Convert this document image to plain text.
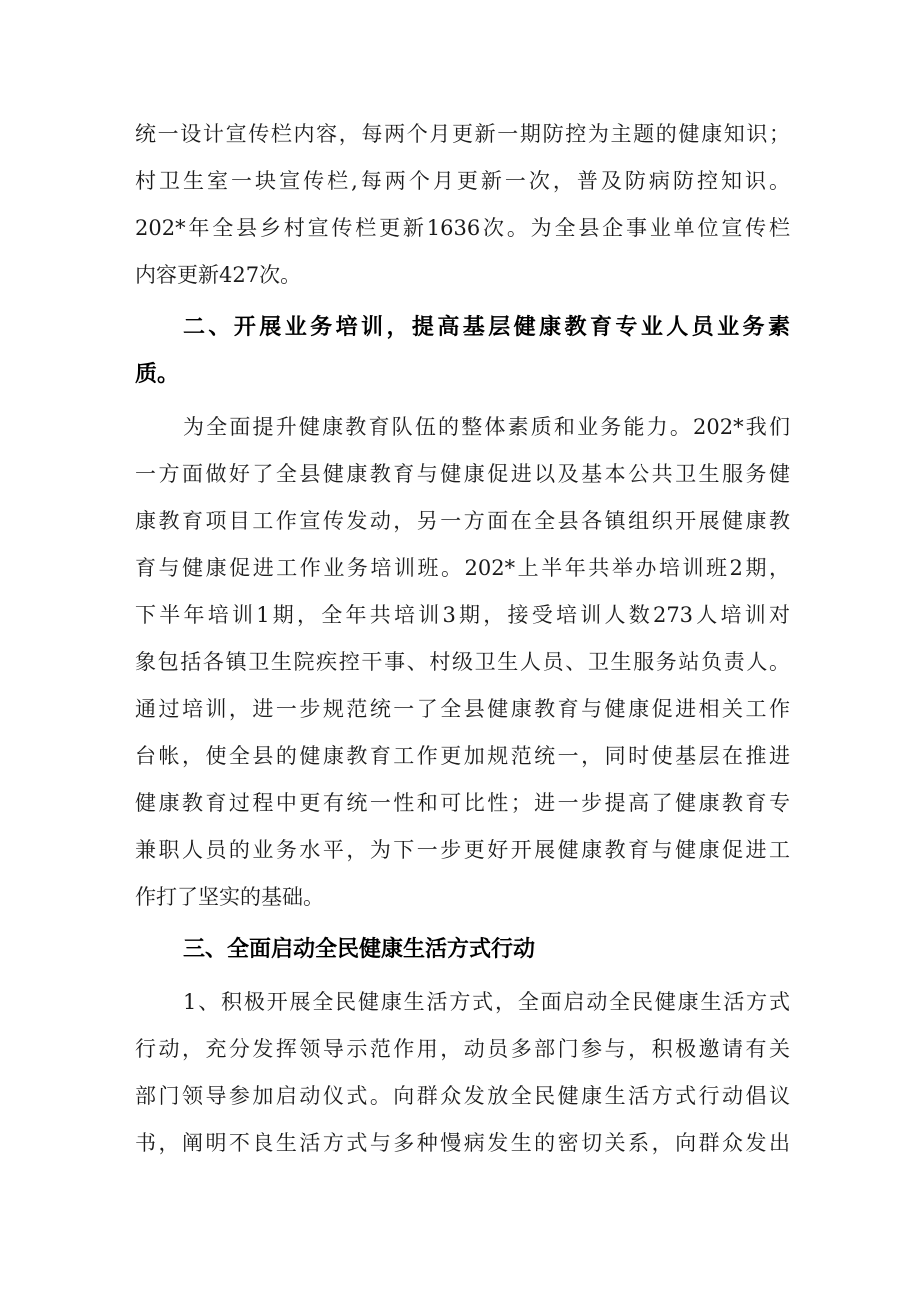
统一设计宣传栏内容，每两个月更新一期防控为主题的健康知识；
村卫生室一块宣传栏,每两个月更新一次，普及防病防控知识。
202*年全县乡村宣传栏更新1636次。为全县企事业单位宣传栏
内容更新427次。
二、开展业务培训，提高基层健康教育专业人员业务素
质。
为全面提升健康教育队伍的整体素质和业务能力。202*我们
一方面做好了全县健康教育与健康促进以及基本公共卫生服务健
康教育项目工作宣传发动，另一方面在全县各镇组织开展健康教
育与健康促进工作业务培训班。202*上半年共举办培训班2期，
下半年培训1期，全年共培训3期，接受培训人数273人培训对
象包括各镇卫生院疾控干事、村级卫生人员、卫生服务站负责人。
通过培训，进一步规范统一了全县健康教育与健康促进相关工作
台帐，使全县的健康教育工作更加规范统一，同时使基层在推进
健康教育过程中更有统一性和可比性；进一步提高了健康教育专
兼职人员的业务水平，为下一步更好开展健康教育与健康促进工
作打了坚实的基础。
三、全面启动全民健康生活方式行动
1、积极开展全民健康生活方式，全面启动全民健康生活方式
行动，充分发挥领导示范作用，动员多部门参与，积极邀请有关
部门领导参加启动仪式。向群众发放全民健康生活方式行动倡议
书，阐明不良生活方式与多种慢病发生的密切关系，向群众发出
